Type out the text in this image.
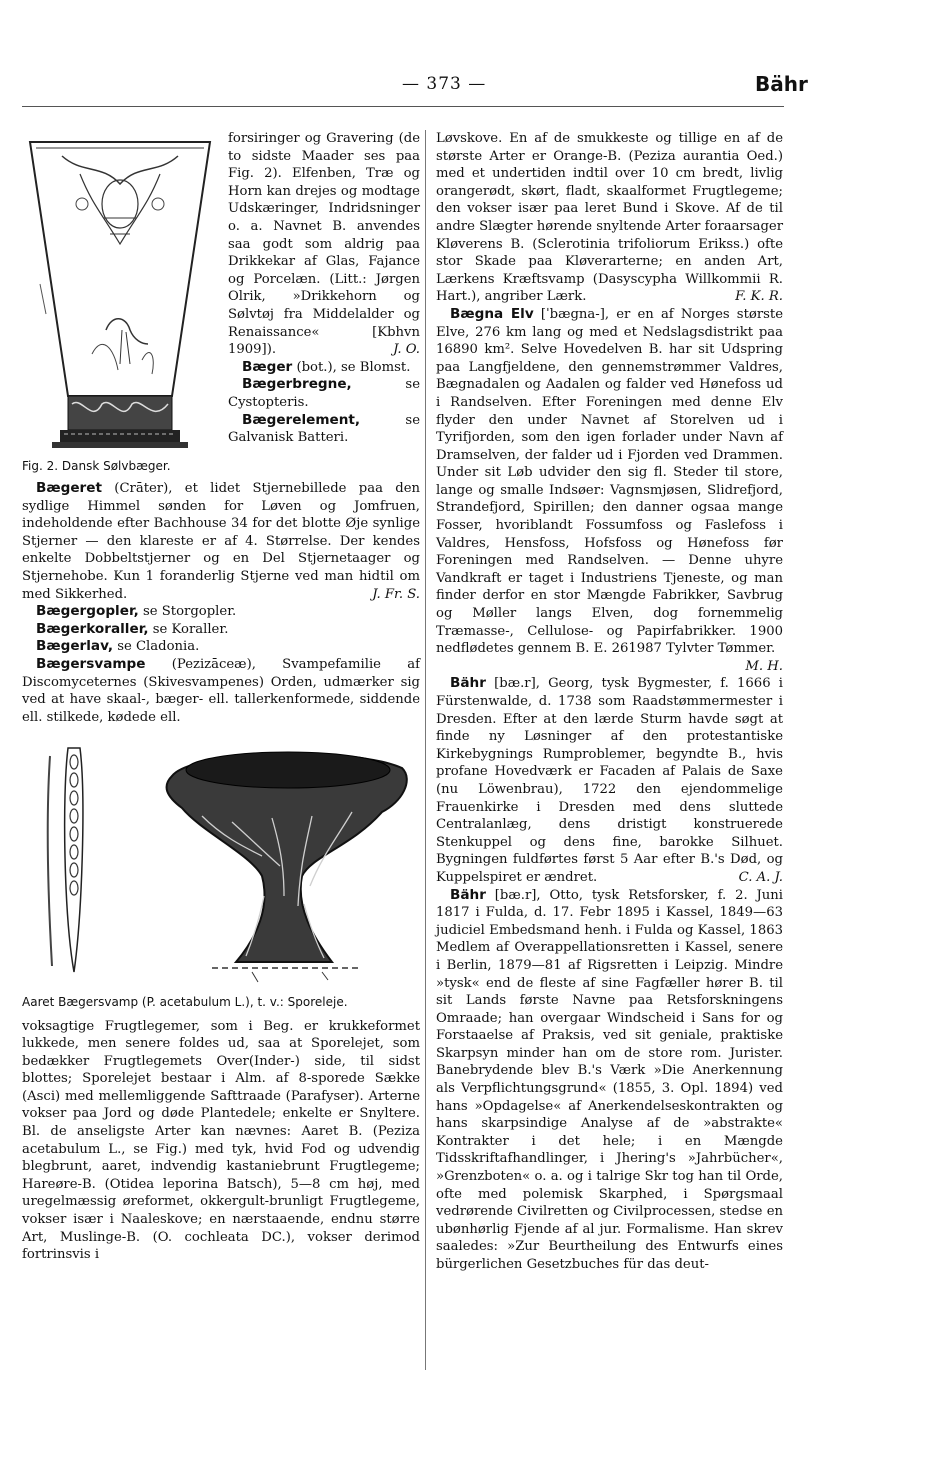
— 373 —	Bähr
Fig. 2. Dansk Sølvbæger.

forsiringer og Gravering (de to sidste Maader ses paa Fig. 2). Elfenben, Træ og Horn kan drejes og modtage Udskæringer, Indridsninger o. a. Navnet B. anvendes saa godt som aldrig paa Drikkekar af Glas, Fajance og Porcelæn. (Litt.: Jørgen Olrik, »Drikkehorn og Sølvtøj fra Middelalder og Renaissance« [Kbhvn 1909]).	J. O.

Bæger (bot.), se Blomst.

Bægerbregne, se Cystopteris.

Bægerelement, se Galvanisk Batteri.

Bægeret (Crāter), et lidet Stjernebillede paa den sydlige Himmel sønden for Løven og Jomfruen, indeholdende efter Bachhouse 34 for det blotte Øje synlige Stjerner — den klareste er af 4. Størrelse. Der kendes enkelte Dobbeltstjerner og en Del Stjernetaager og Stjernehobe. Kun 1 foranderlig Stjerne ved man hidtil om med Sikkerhed.	J. Fr. S.

Bægergopler, se Storgopler.

Bægerkoraller, se Koraller.

Bægerlav, se Cladonia.

Bægersvampe (Pezizāceæ), Svampefamilie af Discomyceternes (Skivesvampenes) Orden, udmærker sig ved at have skaal-, bæger- ell. tallerkenformede, siddende ell. stilkede, kødede ell.

Aaret Bægersvamp (P. acetabulum L.), t. v.: Sporeleje.

voksagtige Frugtlegemer, som i Beg. er krukkeformet lukkede, men senere foldes ud, saa at Sporelejet, som bedækker Frugtlegemets Over(Inder-) side, til sidst blottes; Sporelejet bestaar i Alm. af 8-sporede Sække (Asci) med mellemliggende Safttraade (Parafyser). Arterne vokser paa Jord og døde Plantedele; enkelte er Snyltere. Bl. de anseligste Arter kan nævnes: Aaret B. (Peziza acetabulum L., se Fig.) med tyk, hvid Fod og udvendig blegbrunt, aaret, indvendig kastaniebrunt Frugtlegeme; Hareøre-B. (Otidea leporina Batsch), 5—8 cm høj, med uregelmæssig øreformet, okkergult-brunligt Frugtlegeme, vokser især i Naaleskove; en nærstaaende, endnu større Art, Muslinge-B. (O. cochleata DC.), vokser derimod fortrinsvis i

Løvskove. En af de smukkeste og tillige en af de største Arter er Orange-B. (Peziza aurantia Oed.) med et undertiden indtil over 10 cm bredt, livlig orangerødt, skørt, fladt, skaalformet Frugtlegeme; den vokser især paa leret Bund i Skove. Af de til andre Slægter hørende snyltende Arter foraarsager Kløverens B. (Sclerotinia trifoliorum Erikss.) ofte stor Skade paa Kløverarterne; en anden Art, Lærkens Kræftsvamp (Dasyscypha Willkommii R. Hart.), angriber Lærk.	F. K. R.

Bægna Elv [ˈbægna-], er en af Norges største Elve, 276 km lang og med et Nedslagsdistrikt paa 16890 km². Selve Hovedelven B. har sit Udspring paa Langfjeldene, den gennemstrømmer Valdres, Bægnadalen og Aadalen og falder ved Hønefoss ud i Randselven. Efter Foreningen med denne Elv flyder den under Navnet af Storelven ud i Tyrifjorden, som den igen forlader under Navn af Dramselven, der falder ud i Fjorden ved Drammen. Under sit Løb udvider den sig fl. Steder til store, lange og smalle Indsøer: Vagnsmjøsen, Slidrefjord, Strandefjord, Spirillen; den danner ogsaa mange Fosser, hvoriblandt Fossumfoss og Faslefoss i Valdres, Hensfoss, Hofsfoss og Hønefoss før Foreningen med Randselven. — Denne uhyre Vandkraft er taget i Industriens Tjeneste, og man finder derfor en stor Mængde Fabrikker, Savbrug og Møller langs Elven, dog fornemmelig Træmasse-, Cellulose- og Papirfabrikker. 1900 nedflødetes gennem B. E. 261987 Tylvter Tømmer.
M. H.

Bähr [bæ.r], Georg, tysk Bygmester, f. 1666 i Fürstenwalde, d. 1738 som Raadstømmermester i Dresden. Efter at den lærde Sturm havde søgt at finde ny Løsninger af den protestantiske Kirkebygnings Rumproblemer, begyndte B., hvis profane Hovedværk er Facaden af Palais de Saxe (nu Löwenbrau), 1722 den ejendommelige Frauenkirke i Dresden med dens sluttede Centralanlæg, dens dristigt konstruerede Stenkuppel og dens fine, barokke Silhuet. Bygningen fuldførtes først 5 Aar efter B.'s Død, og Kuppelspiret er ændret.	C. A. J.

Bähr [bæ.r], Otto, tysk Retsforsker, f. 2. Juni 1817 i Fulda, d. 17. Febr 1895 i Kassel, 1849—63 judiciel Embedsmand henh. i Fulda og Kassel, 1863 Medlem af Overappellationsretten i Kassel, senere i Berlin, 1879—81 af Rigsretten i Leipzig. Mindre »tysk« end de fleste af sine Fagfæller hører B. til sit Lands første Navne paa Retsforskningens Omraade; han overgaar Windscheid i Sans for og Forstaaelse af Praksis, ved sit geniale, praktiske Skarpsyn minder han om de store rom. Jurister. Banebrydende blev B.'s Værk »Die Anerkennung als Verpflichtungsgrund« (1855, 3. Opl. 1894) ved hans »Opdagelse« af Anerkendelseskontrakten og hans skarpsindige Analyse af de »abstrakte« Kontrakter i det hele; i en Mængde Tidsskriftafhandlinger, i Jhering's »Jahrbücher«, »Grenzboten« o. a. og i talrige Skr tog han til Orde, ofte med polemisk Skarphed, i Spørgsmaal vedrørende Civilretten og Civilprocessen, stedse en ubønhørlig Fjende af al jur. Formalisme. Han skrev saaledes: »Zur Beurtheilung des Entwurfs eines bürgerlichen Gesetzbuches für das deut-
